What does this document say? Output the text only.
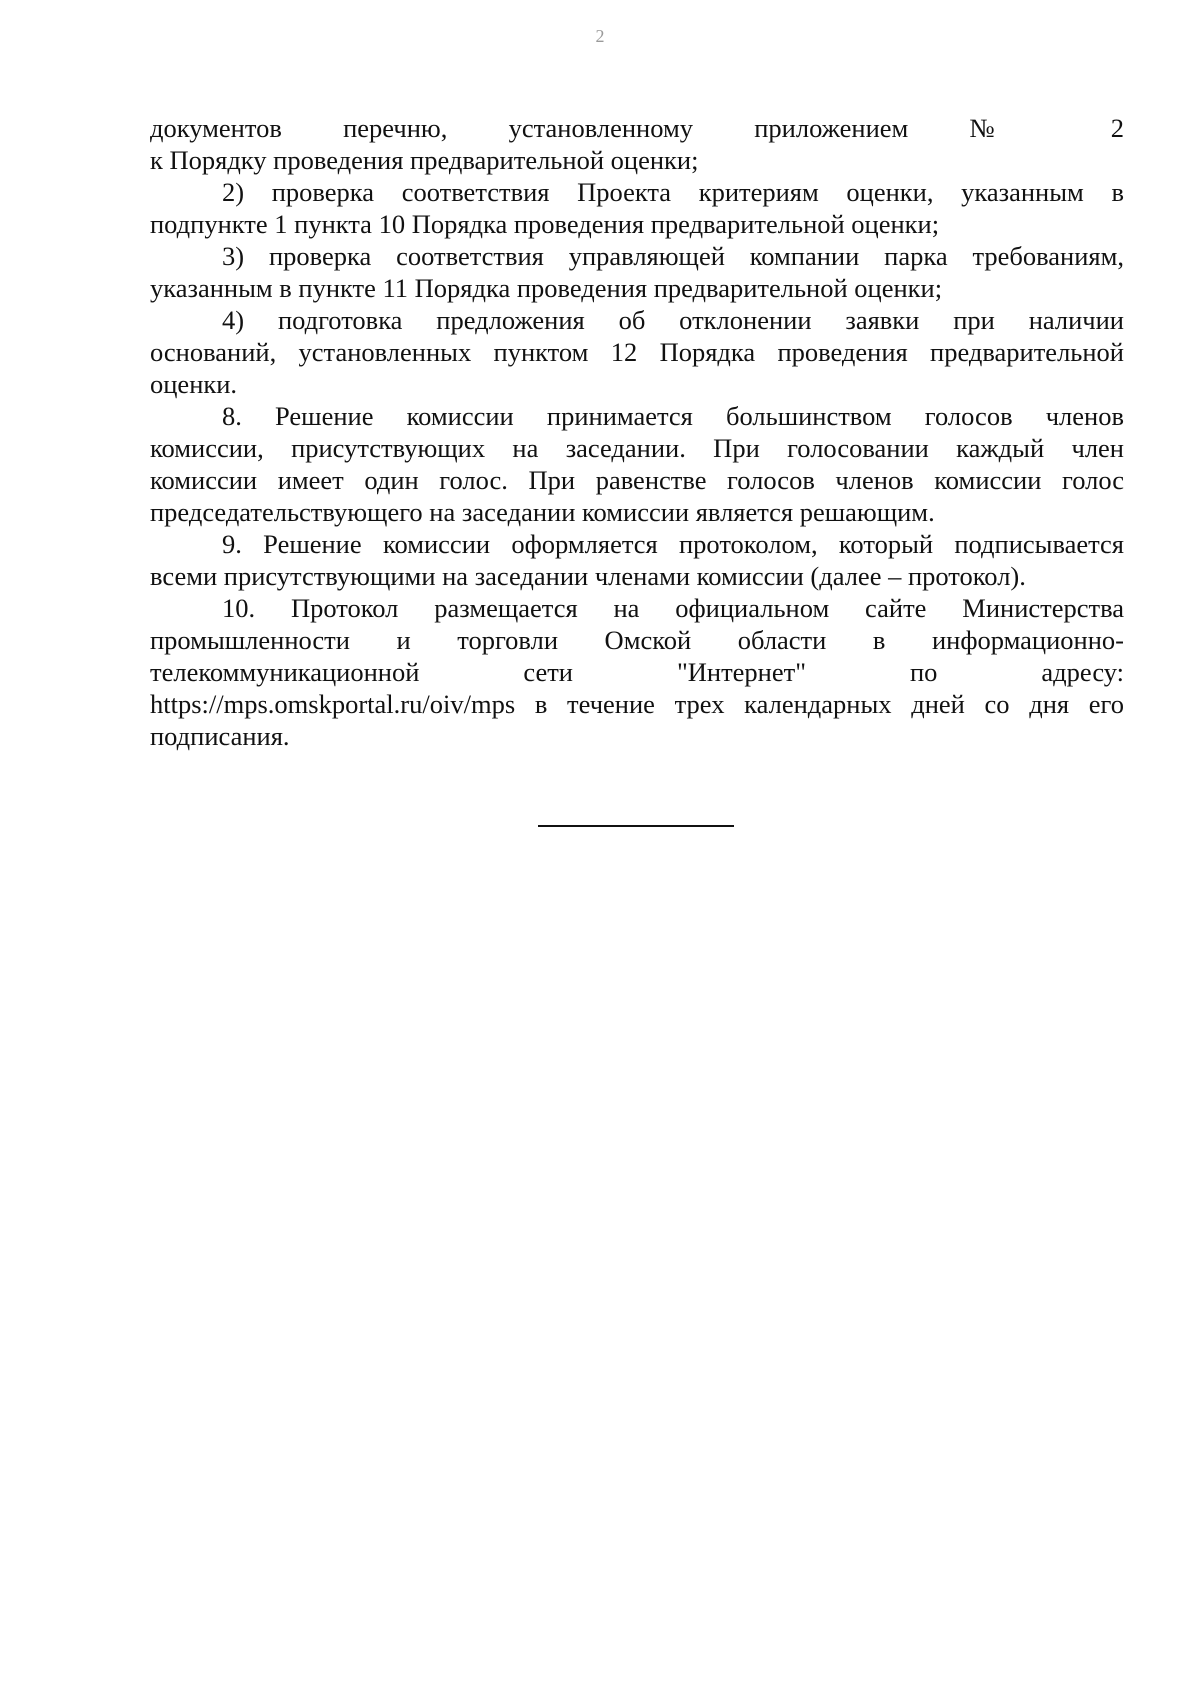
2

документов перечню, установленному приложением № 2
к Порядку проведения предварительной оценки;

2) проверка соответствия Проекта критериям оценки, указанным в
подпункте 1 пункта 10 Порядка проведения предварительной оценки;

3) проверка соответствия управляющей компании парка требованиям,
указанным в пункте 11 Порядка проведения предварительной оценки;

4) подготовка предложения об отклонении заявки при наличии
оснований, установленных пунктом 12 Порядка проведения предварительной
оценки.

8. Решение комиссии принимается большинством голосов членов
комиссии, присутствующих на заседании. При голосовании каждый член
комиссии имеет один голос. При равенстве голосов членов комиссии голос
председательствующего на заседании комиссии является решающим.

9. Решение комиссии оформляется протоколом, который подписывается
всеми присутствующими на заседании членами комиссии (далее – протокол).

10. Протокол размещается на официальном сайте Министерства
промышленности и торговли Омской области в информационно-
телекоммуникационной сети "Интернет" по адресу:
https://mps.omskportal.ru/oiv/mps в течение трех календарных дней со дня его
подписания.
